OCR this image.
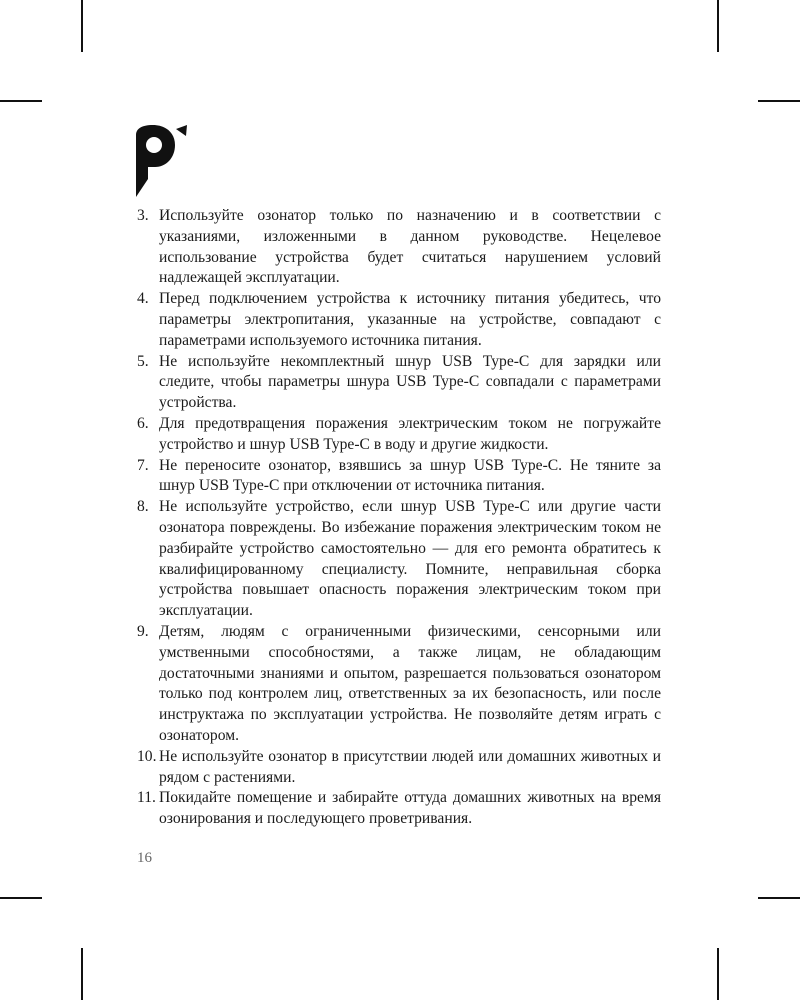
3. Используйте озонатор только по назначению и в соответствии с указаниями, изложенными в данном руководстве. Нецелевое использование устройства будет считаться нарушением условий надлежащей эксплуатации.
4. Перед подключением устройства к источнику питания убедитесь, что параметры электропитания, указанные на устройстве, совпадают с параметрами используемого источника питания.
5. Не используйте некомплектный шнур USB Type-C для зарядки или следите, чтобы параметры шнура USB Type-C совпадали с параметрами устройства.
6. Для предотвращения поражения электрическим током не погружайте устройство и шнур USB Type-C в воду и другие жидкости.
7. Не переносите озонатор, взявшись за шнур USB Type-C. Не тяните за шнур USB Type-C при отключении от источника питания.
8. Не используйте устройство, если шнур USB Type-C или другие части озонатора повреждены. Во избежание поражения электрическим током не разбирайте устройство самостоятельно — для его ремонта обратитесь к квалифицированному специалисту. Помните, неправильная сборка устройства повышает опасность поражения электрическим током при эксплуатации.
9. Детям, людям с ограниченными физическими, сенсорными или умственными способностями, а также лицам, не обладающим достаточными знаниями и опытом, разрешается пользоваться озонатором только под контролем лиц, ответственных за их безопасность, или после инструктажа по эксплуатации устройства. Не позволяйте детям играть с озонатором.
10. Не используйте озонатор в присутствии людей или домашних животных и рядом с растениями.
11. Покидайте помещение и забирайте оттуда домашних животных на время озонирования и последующего проветривания.
16
